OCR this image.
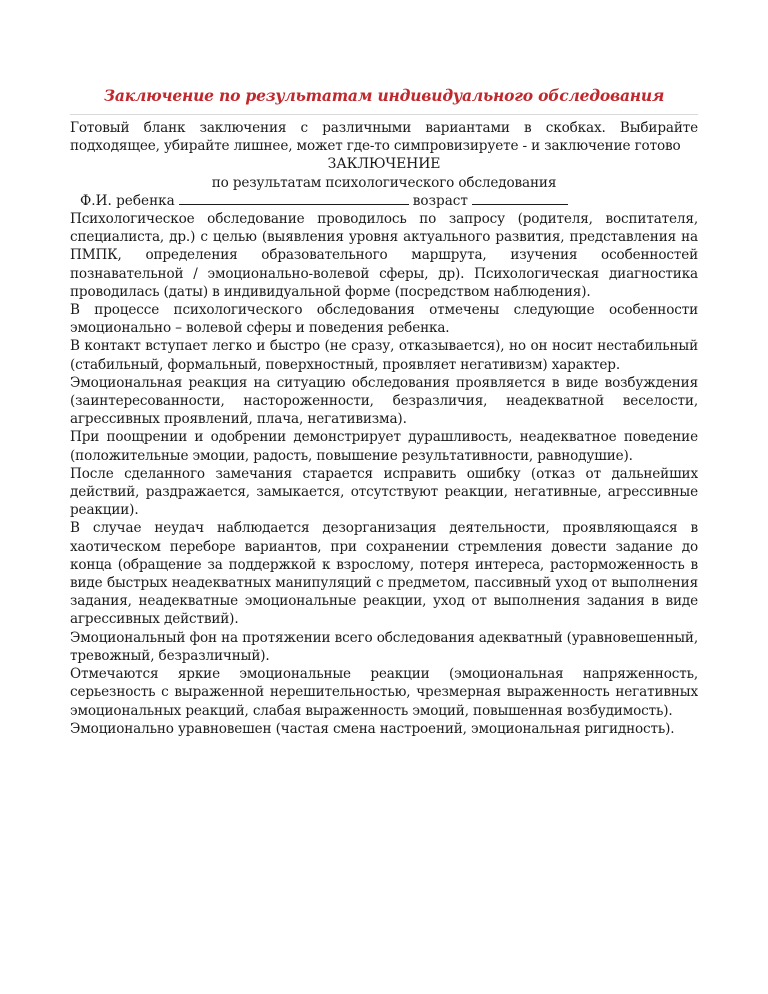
Заключение по результатам индивидуального обследования

Готовый бланк заключения с различными вариантами в скобках. Выбирайте подходящее, убирайте лишнее, может где-то симпровизируете - и заключение готово

ЗАКЛЮЧЕНИЕ

по результатам психологического обследования

Ф.И. ребенка	возраст

Психологическое обследование проводилось по запросу (родителя, воспитателя, специалиста, др.) с целью (выявления уровня актуального развития, представления на ПМПК, определения образовательного маршрута, изучения особенностей познавательной / эмоционально-волевой сферы, др). Психологическая диагностика проводилась (даты) в индивидуальной форме (посредством наблюдения).

В процессе психологического обследования отмечены следующие особенности эмоционально – волевой сферы и поведения ребенка.

В контакт вступает легко и быстро (не сразу, отказывается), но он носит нестабильный (стабильный, формальный, поверхностный, проявляет негативизм) характер.

Эмоциональная реакция на ситуацию обследования проявляется в виде возбуждения (заинтересованности, настороженности, безразличия, неадекватной веселости, агрессивных проявлений, плача, негативизма).

При поощрении и одобрении демонстрирует дурашливость, неадекватное поведение (положительные эмоции, радость, повышение результативности, равнодушие).

После сделанного замечания старается исправить ошибку (отказ от дальнейших действий, раздражается, замыкается, отсутствуют реакции, негативные, агрессивные реакции).

В случае неудач наблюдается дезорганизация деятельности, проявляющаяся в хаотическом переборе вариантов, при сохранении стремления довести задание до конца (обращение за поддержкой к взрослому, потеря интереса, расторможенность в виде быстрых неадекватных манипуляций с предметом, пассивный уход от выполнения задания, неадекватные эмоциональные реакции, уход от выполнения задания в виде агрессивных действий).

Эмоциональный фон на протяжении всего обследования адекватный (уравновешенный, тревожный, безразличный).

Отмечаются яркие эмоциональные реакции (эмоциональная напряженность, серьезность с выраженной нерешительностью, чрезмерная выраженность негативных эмоциональных реакций, слабая выраженность эмоций, повышенная возбудимость).

Эмоционально уравновешен (частая смена настроений, эмоциональная ригидность).
